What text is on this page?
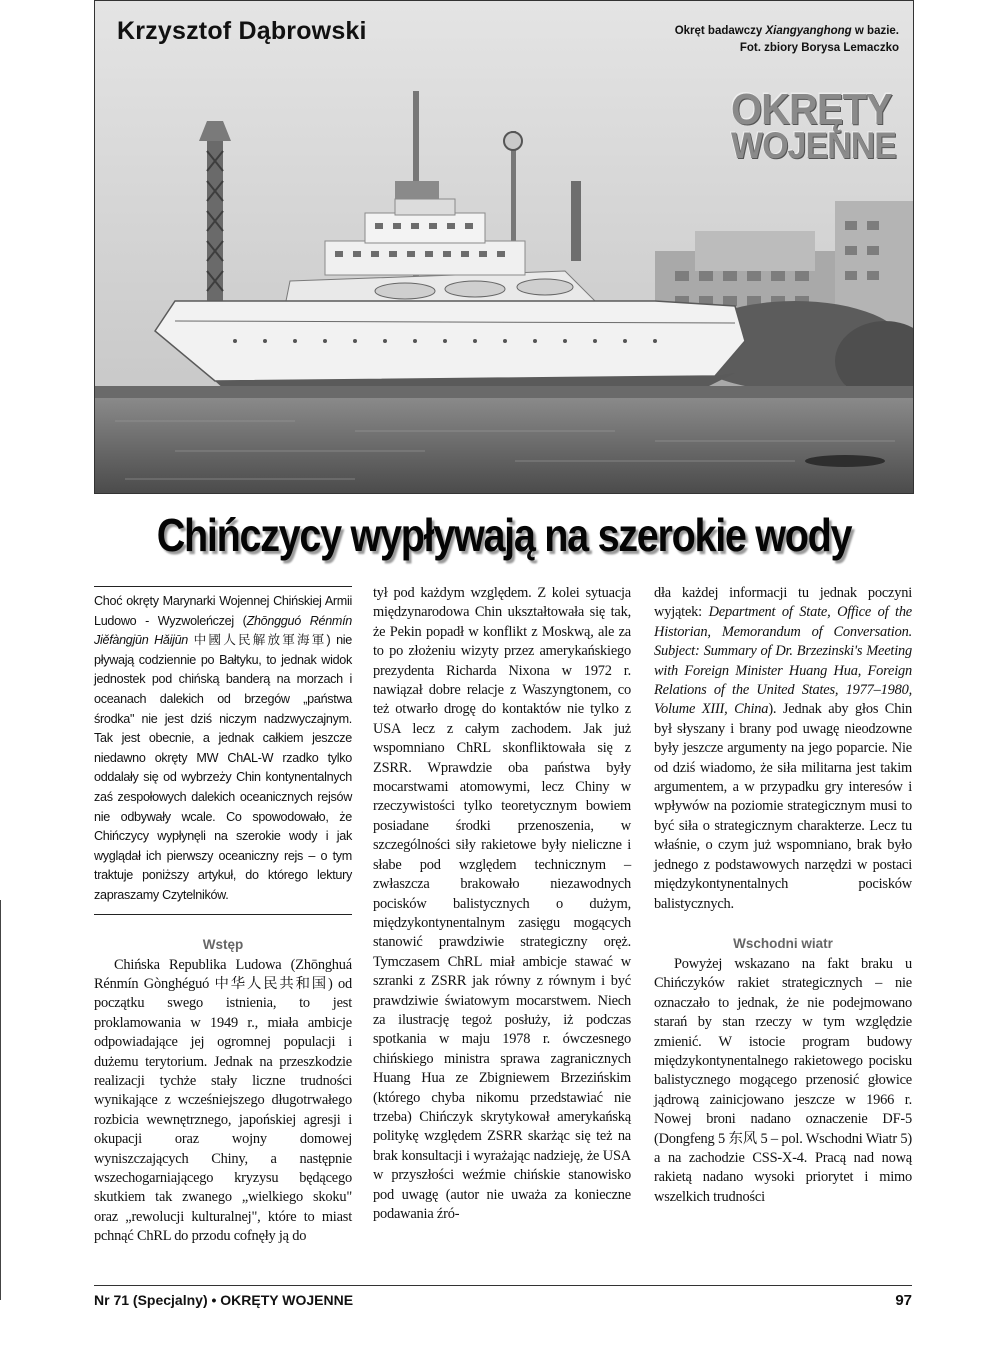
Krzysztof Dąbrowski	Okręt badawczy Xiangyanghong w bazie.
Fot. zbiory Borysa Lemaczko
OKRĘTY
WOJENNE
Chińczycy wypływają na szerokie wody

Choć okręty Marynarki Wojennej Chińskiej Armii Ludowo - Wyzwoleńczej (Zhōngguó Rénmín Jiěfàngjūn Hǎijūn 中國人民解放軍海軍) nie pływają codziennie po Bałtyku, to jednak widok jednostek pod chińską banderą na morzach i oceanach dalekich od brzegów „państwa środka" nie jest dziś niczym nadzwyczajnym. Tak jest obecnie, a jednak całkiem jeszcze niedawno okręty MW ChAL-W rzadko tylko oddalały się od wybrzeży Chin kontynentalnych zaś zespołowych dalekich oceanicznych rejsów nie odbywały wcale. Co spowodowało, że Chińczycy wypłynęli na szerokie wody i jak wyglądał ich pierwszy oceaniczny rejs – o tym traktuje poniższy artykuł, do którego lektury zapraszamy Czytelników.

Wstęp

Chińska Republika Ludowa (Zhōnghuá Rénmín Gònghéguó 中华人民共和国) od początku swego istnienia, to jest proklamowania w 1949 r., miała ambicje odpowiadające jej ogromnej populacji i dużemu terytorium. Jednak na przeszkodzie realizacji tychże stały liczne trudności wynikające z wcześniejszego długotrwałego rozbicia wewnętrznego, japońskiej agresji i okupacji oraz wojny domowej wyniszczających Chiny, a następnie wszechogarniającego kryzysu będącego skutkiem tak zwanego „wielkiego skoku" oraz „rewolucji kulturalnej", które to miast pchnąć ChRL do przodu cofnęły ją do

tył pod każdym względem. Z kolei sytuacja międzynarodowa Chin ukształtowała się tak, że Pekin popadł w konflikt z Moskwą, ale za to po złożeniu wizyty przez amerykańskiego prezydenta Richarda Nixona w 1972 r. nawiązał dobre relacje z Waszyngtonem, co też otwarło drogę do kontaktów nie tylko z USA lecz z całym zachodem. Jak już wspomniano ChRL skonfliktowała się z ZSRR. Wprawdzie oba państwa były mocarstwami atomowymi, lecz Chiny w rzeczywistości tylko teoretycznym bowiem posiadane środki przenoszenia, w szczególności siły rakietowe były nieliczne i słabe pod względem technicznym – zwłaszcza brakowało niezawodnych pocisków balistycznych o dużym, międzykontynentalnym zasięgu mogących stanowić prawdziwie strategiczny oręż. Tymczasem ChRL miał ambicje stawać w szranki z ZSRR jak równy z równym i być prawdziwie światowym mocarstwem. Niech za ilustrację tegoż posłuży, iż podczas spotkania w maju 1978 r. ówczesnego chińskiego ministra sprawa zagranicznych Huang Hua ze Zbigniewem Brzezińskim (którego chyba nikomu przedstawiać nie trzeba) Chińczyk skrytykował amerykańską politykę względem ZSRR skarżąc się też na brak konsultacji i wyrażając nadzieję, że USA w przyszłości weźmie chińskie stanowisko pod uwagę (autor nie uważa za konieczne podawania źró-

dła każdej informacji tu jednak poczyni wyjątek: Department of State, Office of the Historian, Memorandum of Conversation. Subject: Summary of Dr. Brzezinski's Meeting with Foreign Minister Huang Hua, Foreign Relations of the United States, 1977–1980, Volume XIII, China). Jednak aby głos Chin był słyszany i brany pod uwagę nieodzowne były jeszcze argumenty na jego poparcie. Nie od dziś wiadomo, że siła militarna jest takim argumentem, a w przypadku gry interesów i wpływów na poziomie strategicznym musi to być siła o strategicznym charakterze. Lecz tu właśnie, o czym już wspomniano, brak było jednego z podstawowych narzędzi w postaci międzykontynentalnych pocisków balistycznych.

Wschodni wiatr

Powyżej wskazano na fakt braku u Chińczyków rakiet strategicznych – nie oznaczało to jednak, że nie podejmowano starań by stan rzeczy w tym względzie zmienić. W istocie program budowy międzykontynentalnego rakietowego pocisku balistycznego mogącego przenosić głowice jądrową zainicjowano jeszcze w 1966 r. Nowej broni nadano oznaczenie DF-5 (Dongfeng 5 东风 5 – pol. Wschodni Wiatr 5) a na zachodzie CSS-X-4. Pracą nad nową rakietą nadano wysoki priorytet i mimo wszelkich trudności

Nr 71 (Specjalny) • OKRĘTY WOJENNE	97
